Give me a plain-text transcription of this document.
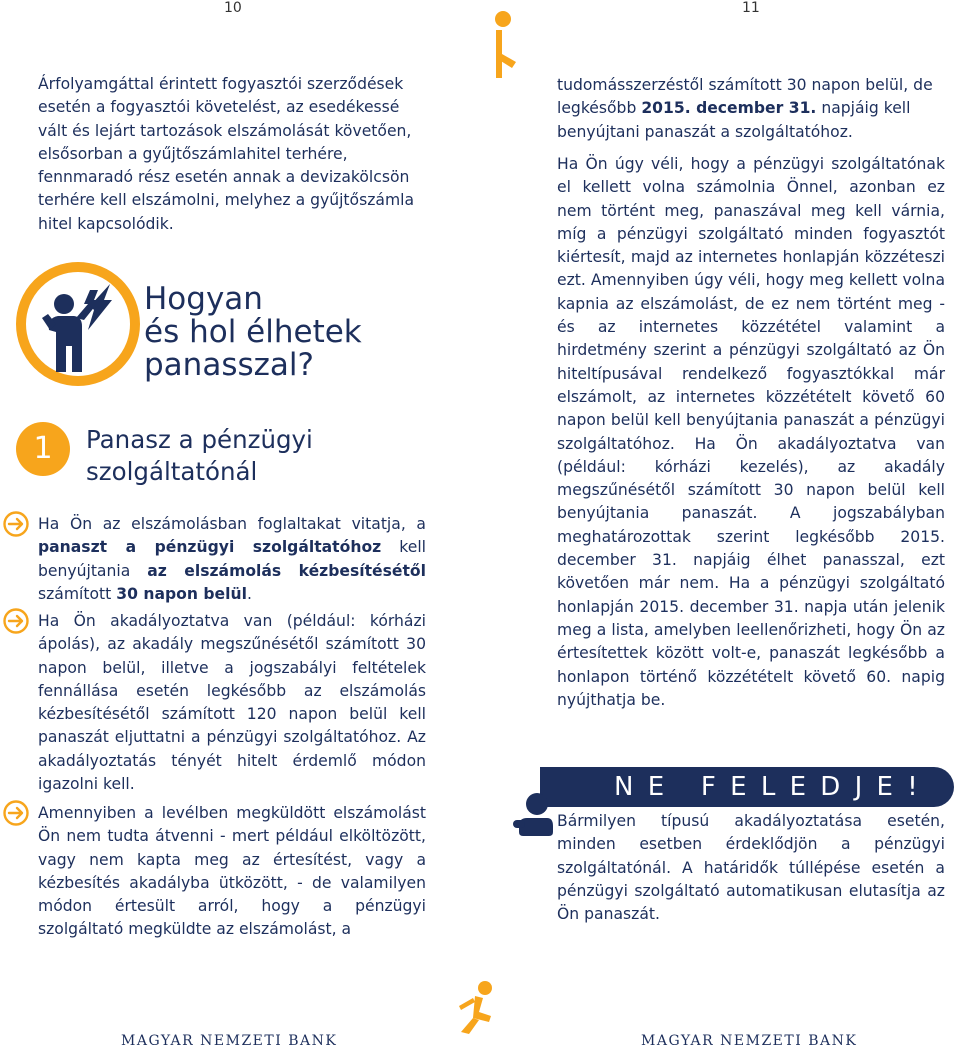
10

Árfolyamgáttal érintett fogyasztói szerződések esetén a fogyasztói követelést, az esedékessé vált és lejárt tartozások elszámolását követően, elsősorban a gyűjtőszámlahitel terhére, fennmaradó rész esetén annak a devizakölcsön terhére kell elszámolni, melyhez a gyűjtőszámla hitel kapcsolódik.

Hogyan
és hol élhetek
panasszal?
1	Panasz a pénzügyi
szolgáltatónál

Ha Ön az elszámolásban foglaltakat vitatja, a panaszt a pénzügyi szolgáltatóhoz kell benyújtania az elszámolás kézbesítésétől számított 30 napon belül.

Ha Ön akadályoztatva van (például: kórházi ápolás), az akadály megszűnésétől számított 30 napon belül, illetve a jogszabályi feltételek fennállása esetén legkésőbb az elszámolás kézbesítésétől számított 120 napon belül kell panaszát eljuttatni a pénzügyi szolgáltatóhoz. Az akadályoztatás tényét hitelt érdemlő módon igazolni kell.

Amennyiben a levélben megküldött elszámolást Ön nem tudta átvenni - mert például elköltözött, vagy nem kapta meg az értesítést, vagy a kézbesítés akadályba ütközött, - de valamilyen módon értesült arról, hogy a pénzügyi szolgáltató megküldte az elszámolást, a

MAGYAR NEMZETI BANK
11

tudomásszerzéstől számított 30 napon belül, de legkésőbb 2015. december 31. napjáig kell benyújtani panaszát a szolgáltatóhoz.

Ha Ön úgy véli, hogy a pénzügyi szolgáltatónak el kellett volna számolnia Önnel, azonban ez nem történt meg, panaszával meg kell várnia, míg a pénzügyi szolgáltató minden fogyasztót kiértesít, majd az internetes honlapján közzéteszi ezt. Amennyiben úgy véli, hogy meg kellett volna kapnia az elszámolást, de ez nem történt meg - és az internetes közzététel valamint a hirdetmény szerint a pénzügyi szolgáltató az Ön hiteltípusával rendelkező fogyasztókkal már elszámolt, az internetes közzétételt követő 60 napon belül kell benyújtania panaszát a pénzügyi szolgáltatóhoz. Ha Ön akadályoztatva van (például: kórházi kezelés), az akadály megszűnésétől számított 30 napon belül kell benyújtania panaszát. A jogszabályban meghatározottak szerint legkésőbb 2015. december 31. napjáig élhet panasszal, ezt követően már nem. Ha a pénzügyi szolgáltató honlapján 2015. december 31. napja után jelenik meg a lista, amelyben leellenőrizheti, hogy Ön az értesítettek között volt-e, panaszát legkésőbb a honlapon történő közzétételt követő 60. napig nyújthatja be.

N E   F E L E D J E !

Bármilyen típusú akadályoztatása esetén, minden esetben érdeklődjön a pénzügyi szolgáltatónál. A határidők túllépése esetén a pénzügyi szolgáltató automatikusan elutasítja az Ön panaszát.

MAGYAR NEMZETI BANK
